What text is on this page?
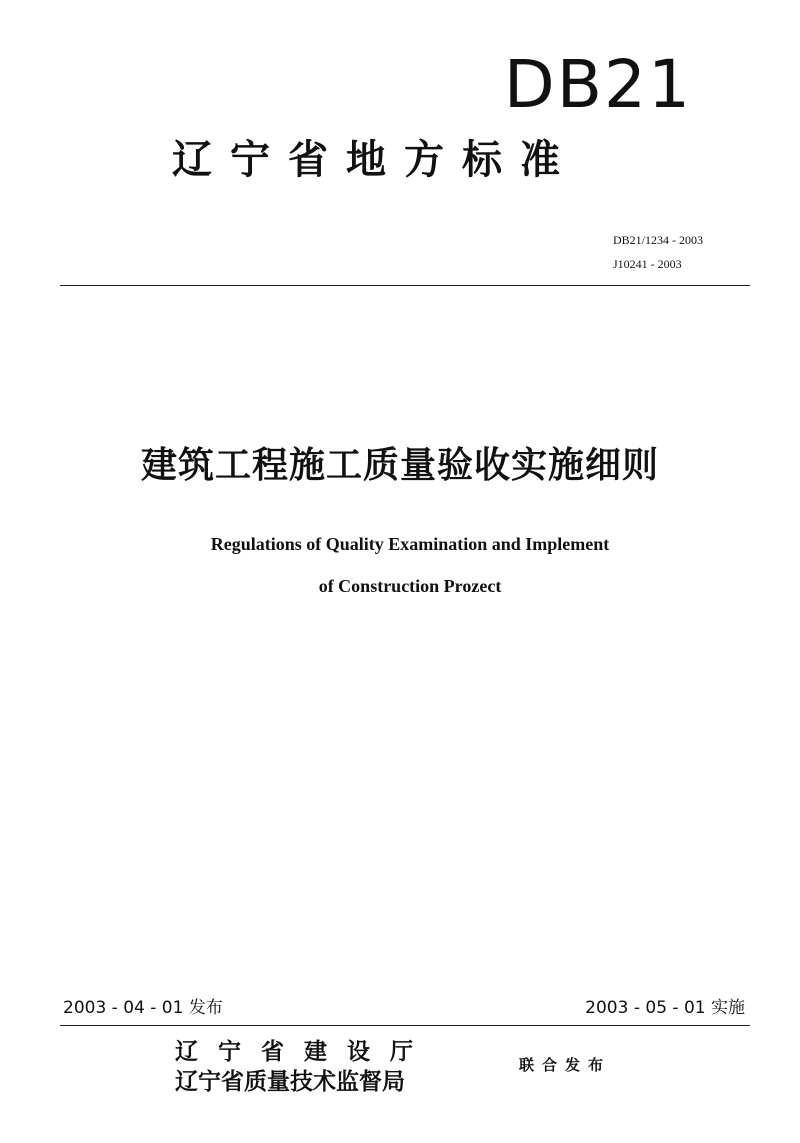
DB21
辽宁省地方标准
DB21/1234 - 2003
J10241 - 2003
建筑工程施工质量验收实施细则
Regulations of Quality Examination and Implement
of Construction Prozect
2003 - 04 - 01 发布	2003 - 05 - 01 实施
辽宁省建设厅
辽宁省质量技术监督局
联合发布
